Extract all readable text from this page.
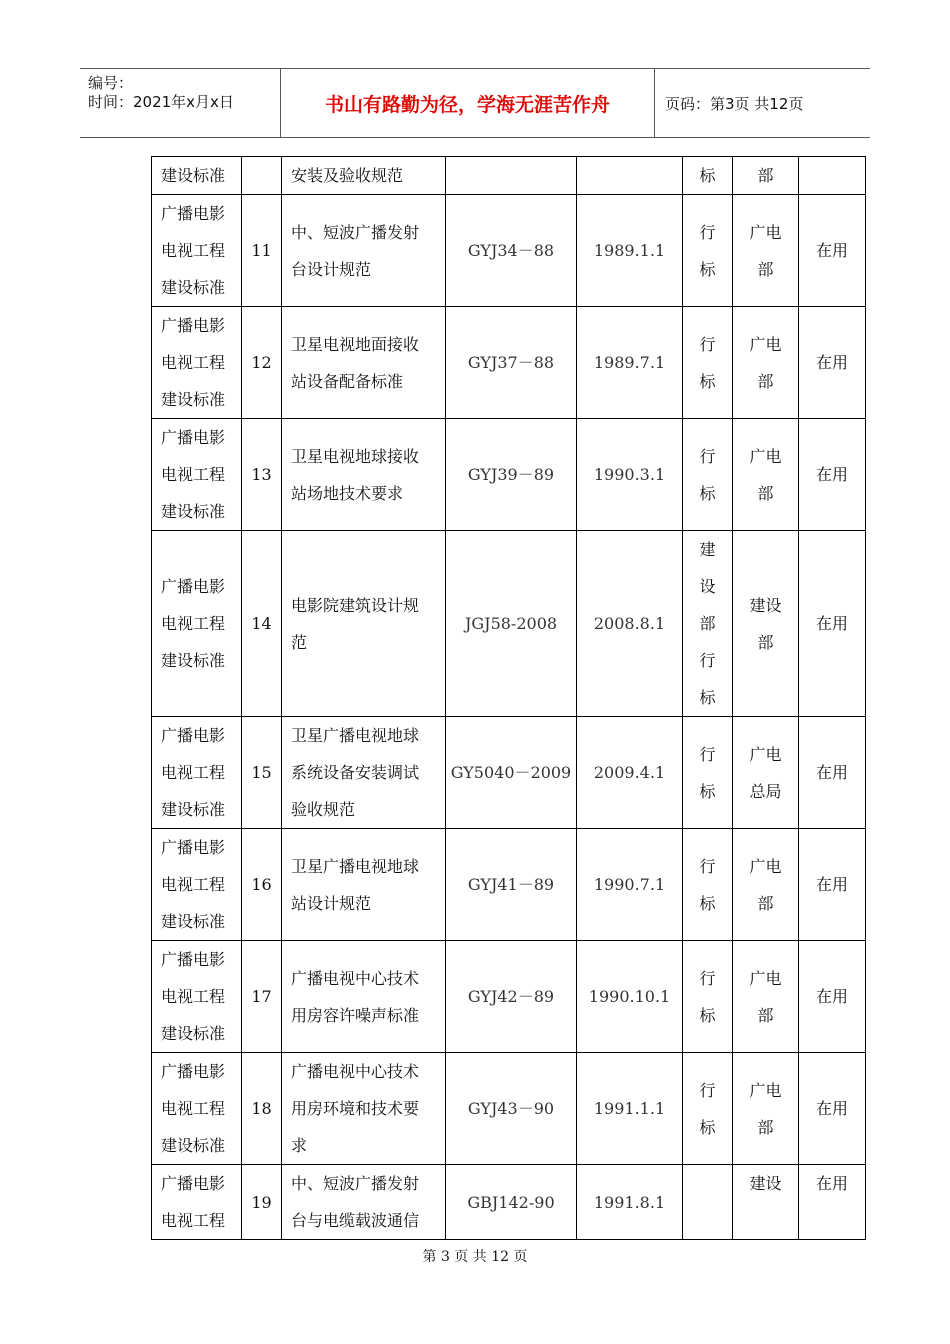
编号：
时间：2021年x月x日	书山有路勤为径，学海无涯苦作舟	页码：第3页 共12页
建设标准		安装及验收规范			标	部	
广播电影电视工程建设标准	11	中、短波广播发射台设计规范	GYJ34－88	1989.1.1	行标	广电部	在用
广播电影电视工程建设标准	12	卫星电视地面接收站设备配备标准	GYJ37－88	1989.7.1	行标	广电部	在用
广播电影电视工程建设标准	13	卫星电视地球接收站场地技术要求	GYJ39－89	1990.3.1	行标	广电部	在用
广播电影电视工程建设标准	14	电影院建筑设计规范	JGJ58-2008	2008.8.1	建设部行标	建设部	在用
广播电影电视工程建设标准	15	卫星广播电视地球系统设备安装调试验收规范	GY5040－2009	2009.4.1	行标	广电总局	在用
广播电影电视工程建设标准	16	卫星广播电视地球站设计规范	GYJ41－89	1990.7.1	行标	广电部	在用
广播电影电视工程建设标准	17	广播电视中心技术用房容许噪声标准	GYJ42－89	1990.10.1	行标	广电部	在用
广播电影电视工程建设标准	18	广播电视中心技术用房环境和技术要求	GYJ43－90	1991.1.1	行标	广电部	在用
广播电影电视工程	19	中、短波广播发射台与电缆载波通信	GBJ142-90	1991.8.1		建设	在用
第 3 页 共 12 页
